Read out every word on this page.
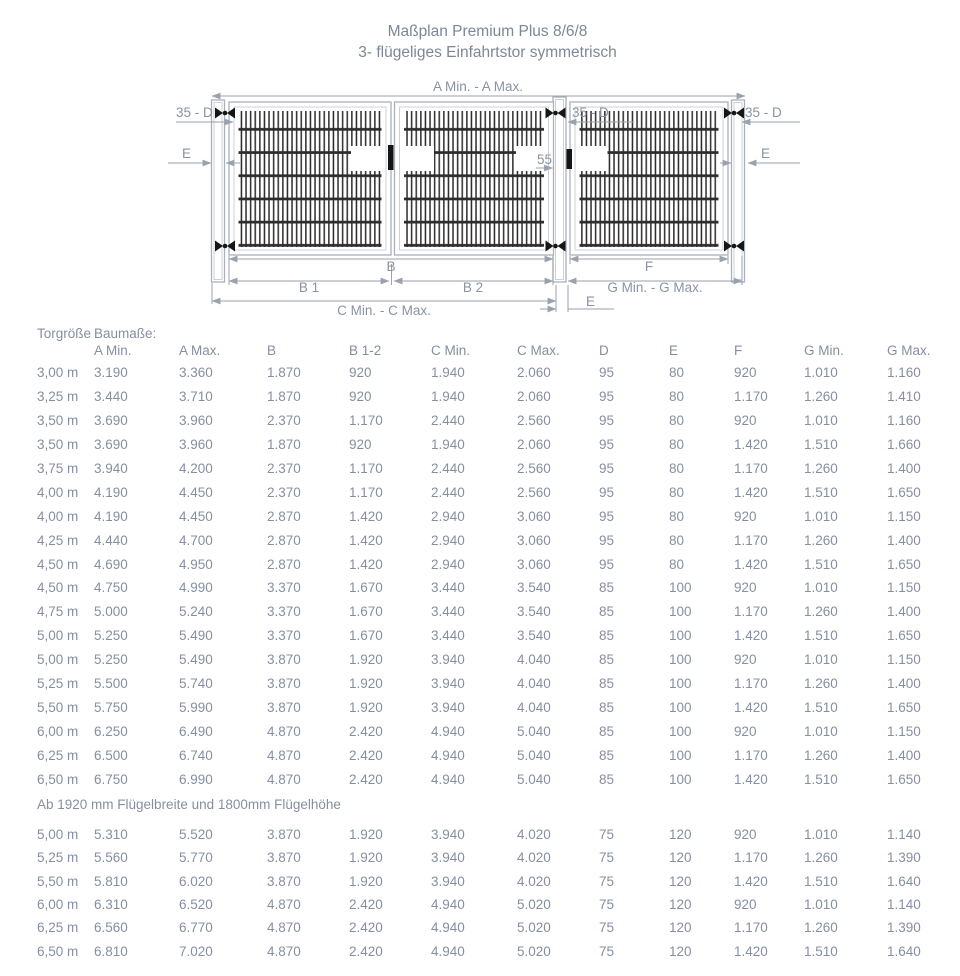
Maßplan Premium Plus 8/6/8
3- flügeliges Einfahrtstor symmetrisch
A Min. - A Max.
35 - D	35 - D	35 - D
E	E
55
B	F
B 1	B 2	G Min. - G Max.
C Min. - C Max.
E
Torgröße Baumaße:
A Min.	A Max.	B	B 1-2	C Min.	C Max.	D	E	F	G Min.	G Max.
3,00 m	3.190	3.360	1.870	920	1.940	2.060	95	80	920	1.010	1.160
3,25 m	3.440	3.710	1.870	920	1.940	2.060	95	80	1.170	1.260	1.410
3,50 m	3.690	3.960	2.370	1.170	2.440	2.560	95	80	920	1.010	1.160
3,50 m	3.690	3.960	1.870	920	1.940	2.060	95	80	1.420	1.510	1.660
3,75 m	3.940	4.200	2.370	1.170	2.440	2.560	95	80	1.170	1.260	1.400
4,00 m	4.190	4.450	2.370	1.170	2.440	2.560	95	80	1.420	1.510	1.650
4,00 m	4.190	4.450	2.870	1.420	2.940	3.060	95	80	920	1.010	1.150
4,25 m	4.440	4.700	2.870	1.420	2.940	3.060	95	80	1.170	1.260	1.400
4,50 m	4.690	4.950	2.870	1.420	2.940	3.060	95	80	1.420	1.510	1.650
4,50 m	4.750	4.990	3.370	1.670	3.440	3.540	85	100	920	1.010	1.150
4,75 m	5.000	5.240	3.370	1.670	3.440	3.540	85	100	1.170	1.260	1.400
5,00 m	5.250	5.490	3.370	1.670	3.440	3.540	85	100	1.420	1.510	1.650
5,00 m	5.250	5.490	3.870	1.920	3.940	4.040	85	100	920	1.010	1.150
5,25 m	5.500	5.740	3.870	1.920	3.940	4.040	85	100	1.170	1.260	1.400
5,50 m	5.750	5.990	3.870	1.920	3.940	4.040	85	100	1.420	1.510	1.650
6,00 m	6.250	6.490	4.870	2.420	4.940	5.040	85	100	920	1.010	1.150
6,25 m	6.500	6.740	4.870	2.420	4.940	5.040	85	100	1.170	1.260	1.400
6,50 m	6.750	6.990	4.870	2.420	4.940	5.040	85	100	1.420	1.510	1.650
Ab 1920 mm Flügelbreite und 1800mm Flügelhöhe
5,00 m	5.310	5.520	3.870	1.920	3.940	4.020	75	120	920	1.010	1.140
5,25 m	5.560	5.770	3.870	1.920	3.940	4.020	75	120	1.170	1.260	1.390
5,50 m	5.810	6.020	3.870	1.920	3.940	4.020	75	120	1.420	1.510	1.640
6,00 m	6.310	6.520	4.870	2.420	4.940	5.020	75	120	920	1.010	1.140
6,25 m	6.560	6.770	4.870	2.420	4.940	5.020	75	120	1.170	1.260	1.390
6,50 m	6.810	7.020	4.870	2.420	4.940	5.020	75	120	1.420	1.510	1.640
